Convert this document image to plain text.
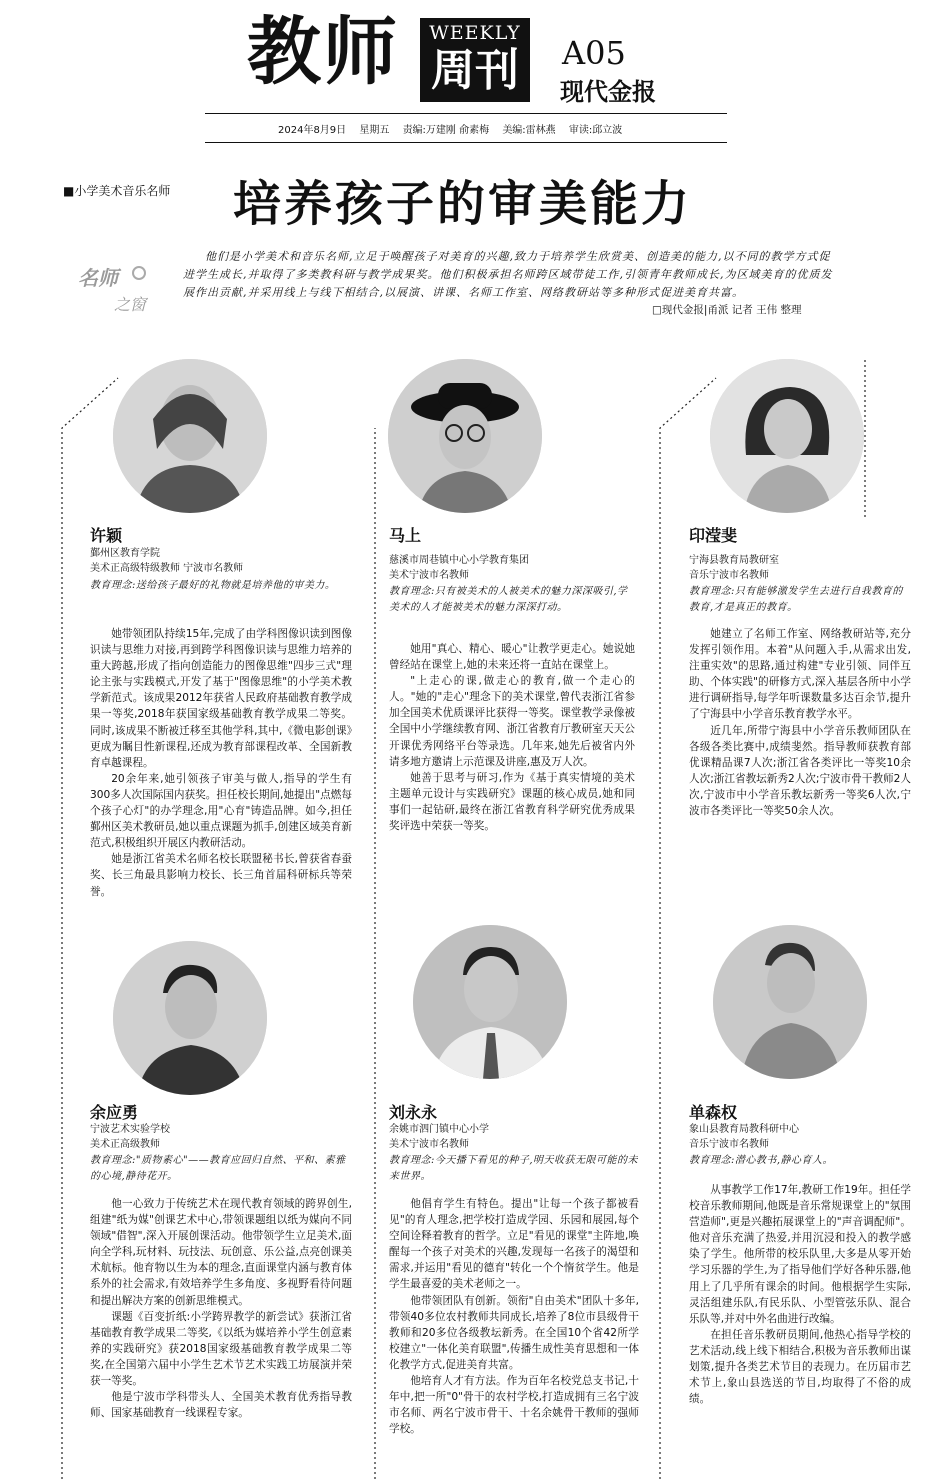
教师	WEEKLY
周刊	A05
现代金报
2024年8月9日 星期五 责编:万建刚 俞素梅 美编:雷林燕 审读:邱立波
■小学美术音乐名师 培养孩子的审美能力
名师
之窗
他们是小学美术和音乐名师,立足于唤醒孩子对美育的兴趣,致力于培养学生欣赏美、创造美的能力,以不同的教学方式促进学生成长,并取得了多类教科研与教学成果奖。他们积极承担名师跨区域带徒工作,引领青年教师成长,为区域美育的优质发展作出贡献,并采用线上与线下相结合,以展演、讲课、名师工作室、网络教研站等多种形式促进美育共富。
□现代金报|甬派 记者 王伟 整理
许颖
鄞州区教育学院
美术正高级特级教师 宁波市名教师
教育理念:送给孩子最好的礼物就是培养他的审美力。

她带领团队持续15年,完成了由学科图像识读到图像识读与思维力对接,再到跨学科图像识读与思维力培养的重大跨越,形成了指向创造能力的图像思维"四步三式"理论主张与实践模式,开发了基于"图像思维"的小学美术教学新范式。该成果2012年获省人民政府基础教育教学成果一等奖,2018年获国家级基础教育教学成果二等奖。同时,该成果不断被迁移至其他学科,其中,《微电影创课》更成为瞩目性新课程,还成为教育部课程改革、全国新教育卓越课程。

20余年来,她引领孩子审美与做人,指导的学生有300多人次国际国内获奖。担任校长期间,她提出"点燃每个孩子心灯"的办学理念,用"心育"铸造品牌。如今,担任鄞州区美术教研员,她以重点课题为抓手,创建区域美育新范式,积极组织开展区内教研活动。

她是浙江省美术名师名校长联盟秘书长,曾获省春蚕奖、长三角最具影响力校长、长三角首届科研标兵等荣誉。

马上
慈溪市周巷镇中心小学教育集团
美术宁波市名教师
教育理念:只有被美术的人被美术的魅力深深吸引,学美术的人才能被美术的魅力深深打动。

她用"真心、精心、暖心"让教学更走心。她说她曾经站在课堂上,她的未来还将一直站在课堂上。

"上走心的课,做走心的教育,做一个走心的人。"她的"走心"理念下的美术课堂,曾代表浙江省参加全国美术优质课评比获得一等奖。课堂教学录像被全国中小学继续教育网、浙江省教育厅教研室天天公开课优秀网络平台等录选。几年来,她先后被省内外请多地方邀请上示范课及讲座,惠及万人次。

她善于思考与研习,作为《基于真实情境的美术主题单元设计与实践研究》课题的核心成员,她和同事们一起钻研,最终在浙江省教育科学研究优秀成果奖评选中荣获一等奖。

印滢斐
宁海县教育局教研室
音乐宁波市名教师
教育理念:只有能够激发学生去进行自我教育的教育,才是真正的教育。

她建立了名师工作室、网络教研站等,充分发挥引领作用。本着"从问题入手,从需求出发,注重实效"的思路,通过构建"专业引领、同伴互助、个体实践"的研修方式,深入基层各所中小学进行调研指导,每学年听课数量多达百余节,提升了宁海县中小学音乐教育教学水平。

近几年,所带宁海县中小学音乐教师团队在各级各类比赛中,成绩斐然。指导教师获教育部优课精品课7人次;浙江省各类评比一等奖10余人次;浙江省教坛新秀2人次;宁波市骨干教师2人次,宁波市中小学音乐教坛新秀一等奖6人次,宁波市各类评比一等奖50余人次。

余应勇
宁波艺术实验学校
美术正高级教师
教育理念:"质物素心"——教育应回归自然、平和、素雅的心境,静待花开。

他一心致力于传统艺术在现代教育领域的跨界创生,组建"纸为媒"创课艺术中心,带领课题组以纸为媒向不同领域"借智",深入开展创课活动。他带领学生立足美术,面向全学科,玩材料、玩技法、玩创意、乐公益,点亮创课美术航标。他育物以生为本的理念,直面课堂内涵与教育体系外的社会需求,有效培养学生多角度、多视野看待问题和提出解决方案的创新思维模式。

课题《百变折纸:小学跨界教学的新尝试》获浙江省基础教育教学成果二等奖,《以纸为媒培养小学生创意素养的实践研究》获2018国家级基础教育教学成果二等奖,在全国第六届中小学生艺术节艺术实践工坊展演并荣获一等奖。

他是宁波市学科带头人、全国美术教育优秀指导教师、国家基础教育一线课程专家。

刘永永
余姚市泗门镇中心小学
美术宁波市名教师
教育理念:今天播下看见的种子,明天收获无限可能的未来世界。

他倡育学生有特色。提出"让每一个孩子都被看见"的育人理念,把学校打造成学园、乐园和展园,每个空间诠释着教育的哲学。立足"看见的课堂"主阵地,唤醒每一个孩子对美术的兴趣,发现每一名孩子的渴望和需求,并运用"看见的德育"转化一个个惰贫学生。他是学生最喜爱的美术老师之一。

他带领团队有创新。领衔"自由美术"团队十多年,带领40多位农村教师共同成长,培养了8位市县级骨干教师和20多位各级教坛新秀。在全国10个省42所学校建立"一体化美育联盟",传播生成性美育思想和一体化教学方式,促进美育共富。

他培育人才有方法。作为百年名校党总支书记,十年中,把一所"0"骨干的农村学校,打造成拥有三名宁波市名师、两名宁波市骨干、十名余姚骨干教师的强师学校。

单森权
象山县教育局教科研中心
音乐宁波市名教师
教育理念:潜心教书,静心育人。

从事教学工作17年,教研工作19年。担任学校音乐教师期间,他既是音乐常规课堂上的"氛围营造师",更是兴趣拓展课堂上的"声音调配师"。他对音乐充满了热爱,并用沉浸和投入的教学感染了学生。他所带的校乐队里,大多是从零开始学习乐器的学生,为了指导他们学好各种乐器,他用上了几乎所有课余的时间。他根据学生实际,灵活组建乐队,有民乐队、小型管弦乐队、混合乐队等,并对中外名曲进行改编。

在担任音乐教研员期间,他热心指导学校的艺术活动,线上线下相结合,积极为音乐教师出谋划策,提升各类艺术节目的表现力。在历届市艺术节上,象山县选送的节目,均取得了不俗的成绩。
